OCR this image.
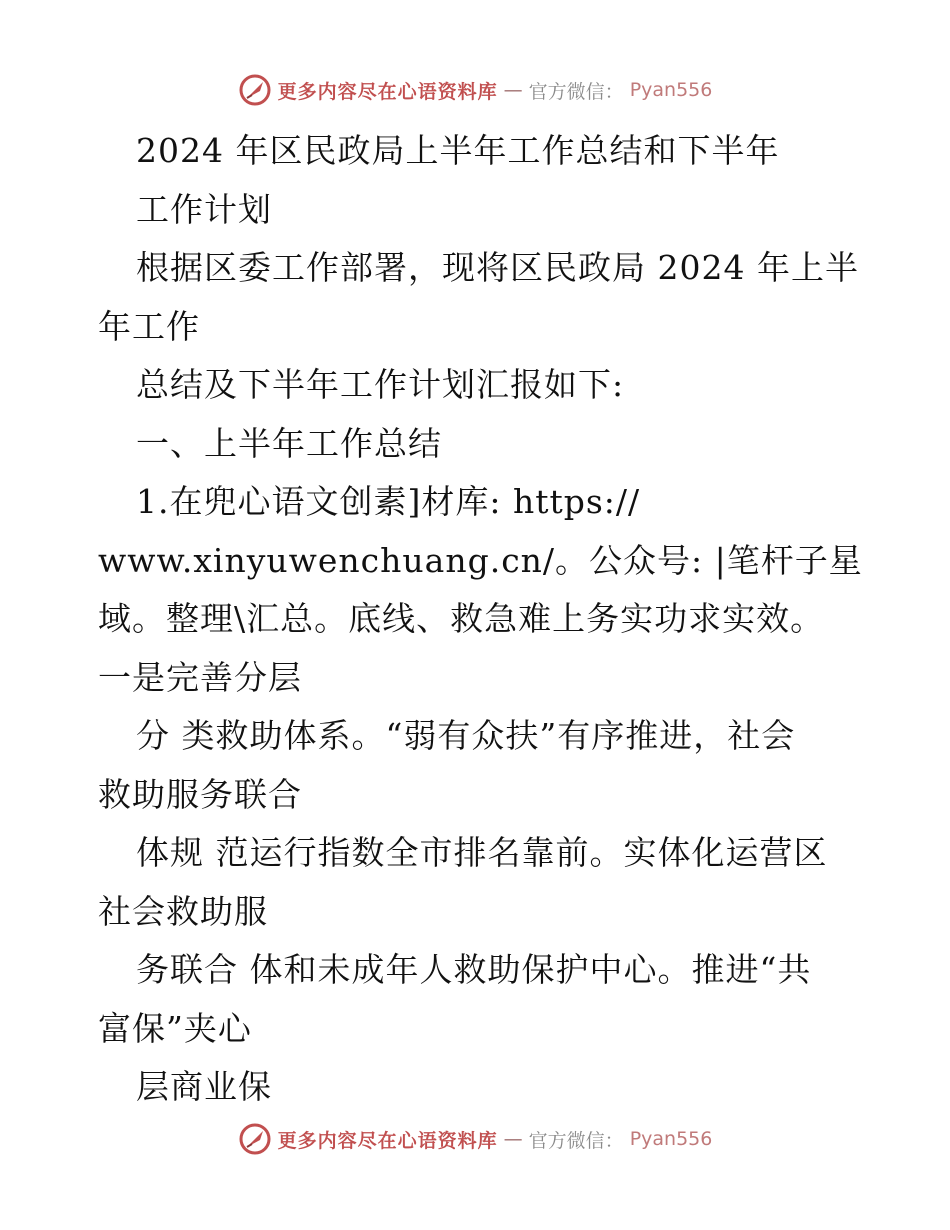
更多内容尽在心语资料库 — 官方微信： Pyan556
2024 年区民政局上半年工作总结和下半年
工作计划
根据区委工作部署，现将区民政局 2024 年上半
年工作
总结及下半年工作计划汇报如下:
一、上半年工作总结
1.在兜心语文创素]材库: https://
www.xinyuwenchuang.cn/。公众号: |笔杆子星
域。整理\汇总。底线、救急难上务实功求实效。
一是完善分层
分 类救助体系。“弱有众扶”有序推进，社会
救助服务联合
体规 范运行指数全市排名靠前。实体化运营区
社会救助服
务联合 体和未成年人救助保护中心。推进“共
富保”夹心
层商业保
更多内容尽在心语资料库 — 官方微信： Pyan556
